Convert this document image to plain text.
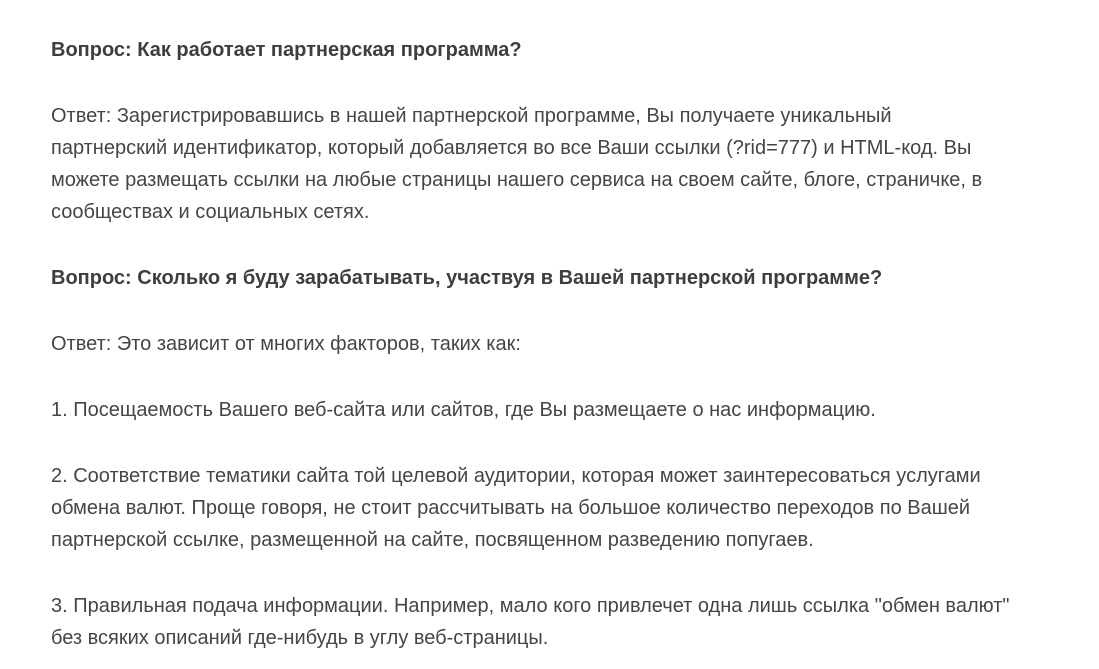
Вопрос: Как работает партнерская программа?
Ответ: Зарегистрировавшись в нашей партнерской программе, Вы получаете уникальный
партнерский идентификатор, который добавляется во все Ваши ссылки (?rid=777) и HTML-код. Вы
можете размещать ссылки на любые страницы нашего сервиса на своем сайте, блоге, страничке, в
сообществах и социальных сетях.
Вопрос: Сколько я буду зарабатывать, участвуя в Вашей партнерской программе?
Ответ: Это зависит от многих факторов, таких как:
1. Посещаемость Вашего веб-сайта или сайтов, где Вы размещаете о нас информацию.
2. Соответствие тематики сайта той целевой аудитории, которая может заинтересоваться услугами
обмена валют. Проще говоря, не стоит рассчитывать на большое количество переходов по Вашей
партнерской ссылке, размещенной на сайте, посвященном разведению попугаев.
3. Правильная подача информации. Например, мало кого привлечет одна лишь ссылка "обмен валют"
без всяких описаний где-нибудь в углу веб-страницы.
